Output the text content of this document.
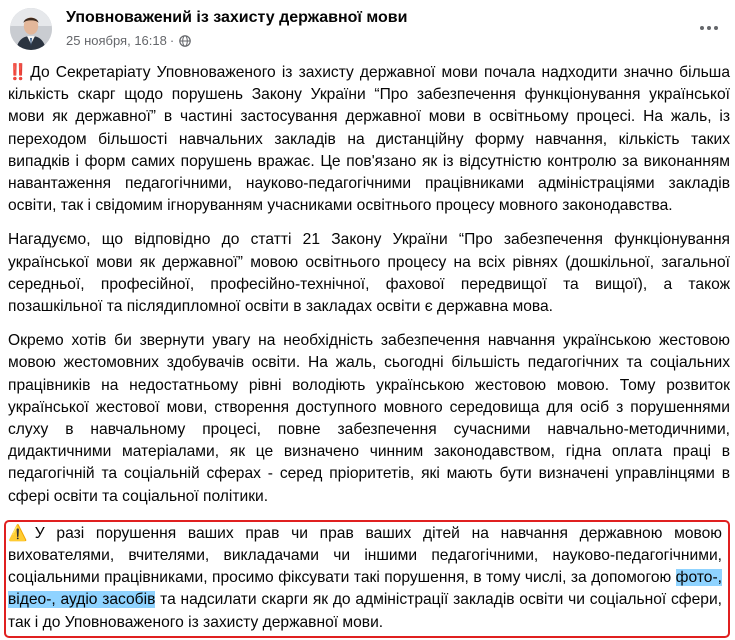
Уповноважений із захисту державної мови
25 ноября, 16:18 ·

‼️ До Секретаріату Уповноваженого із захисту державної мови почала надходити значно більша кількість скарг щодо порушень Закону України “Про забезпечення функціонування української мови як державної” в частині застосування державної мови в освітньому процесі. На жаль, із переходом більшості навчальних закладів на дистанційну форму навчання, кількість таких випадків і форм самих порушень вражає. Це пов'язано як із відсутністю контролю за виконанням навантаження педагогічними, науково-педагогічними працівниками адміністраціями закладів освіти, так і свідомим ігноруванням учасниками освітнього процесу мовного законодавства.

Нагадуємо, що відповідно до статті 21 Закону України “Про забезпечення функціонування української мови як державної” мовою освітнього процесу на всіх рівнях (дошкільної, загальної середньої, професійної, професійно-технічної, фахової передвищої та вищої), а також позашкільної та післядипломної освіти в закладах освіти є державна мова.

Окремо хотів би звернути увагу на необхідність забезпечення навчання українською жестовою мовою жестомовних здобувачів освіти. На жаль, сьогодні більшість педагогічних та соціальних працівників на недостатньому рівні володіють українською жестовою мовою. Тому розвиток української жестової мови, створення доступного мовного середовища для осіб з порушеннями слуху в навчальному процесі, повне забезпечення сучасними навчально-методичними, дидактичними матеріалами, як це визначено чинним законодавством, гідна оплата праці в педагогічній та соціальній сферах - серед пріоритетів, які мають бути визначені управлінцями в сфері освіти та соціальної політики.

⚠️У разі порушення ваших прав чи прав ваших дітей на навчання державною мовою вихователями, вчителями, викладачами чи іншими педагогічними, науково-педагогічними, соціальними працівниками, просимо фіксувати такі порушення, в тому числі, за допомогою фото-, відео-, аудіо засобів та надсилати скарги як до адміністрації закладів освіти чи соціальної сфери, так і до Уповноваженого із захисту державної мови.
